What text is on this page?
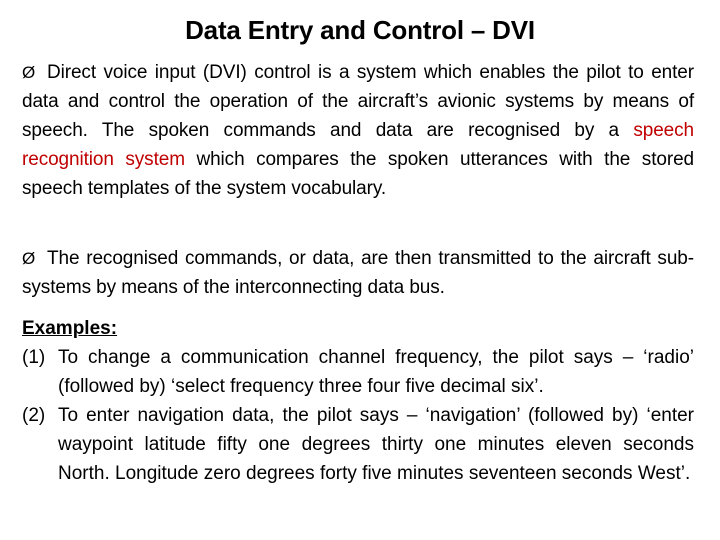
Data Entry and Control – DVI
Ø Direct voice input (DVI) control is a system which enables the pilot to enter data and control the operation of the aircraft’s avionic systems by means of speech. The spoken commands and data are recognised by a speech recognition system which compares the spoken utterances with the stored speech templates of the system vocabulary.
Ø The recognised commands, or data, are then transmitted to the aircraft sub-systems by means of the interconnecting data bus.
Examples:
(1) To change a communication channel frequency, the pilot says – ‘radio’ (followed by) ‘select frequency three four five decimal six’.
(2) To enter navigation data, the pilot says – ‘navigation’ (followed by) ‘enter waypoint latitude fifty one degrees thirty one minutes eleven seconds North. Longitude zero degrees forty five minutes seventeen seconds West’.
